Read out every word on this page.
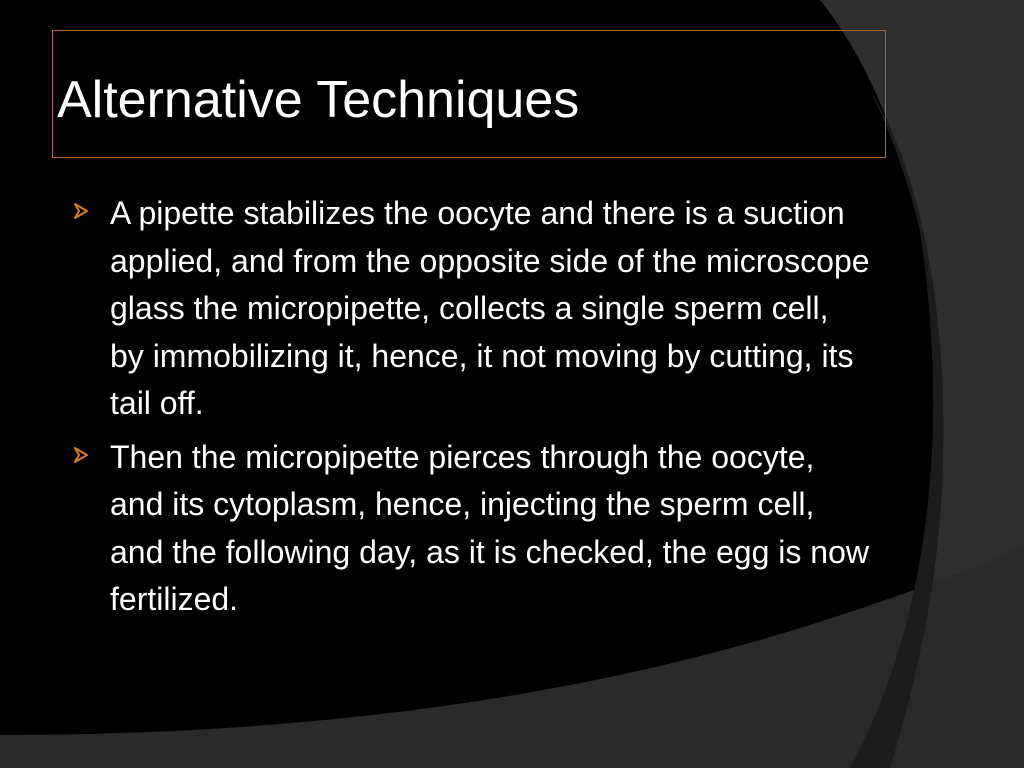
Alternative Techniques
A pipette stabilizes the oocyte and there is a suction applied, and from the opposite side of the microscope glass the micropipette, collects a single sperm cell, by immobilizing it, hence, it not moving by cutting, its tail off.
Then the micropipette pierces through the oocyte, and its cytoplasm, hence, injecting the sperm cell, and the following day, as it is checked, the egg is now fertilized.
